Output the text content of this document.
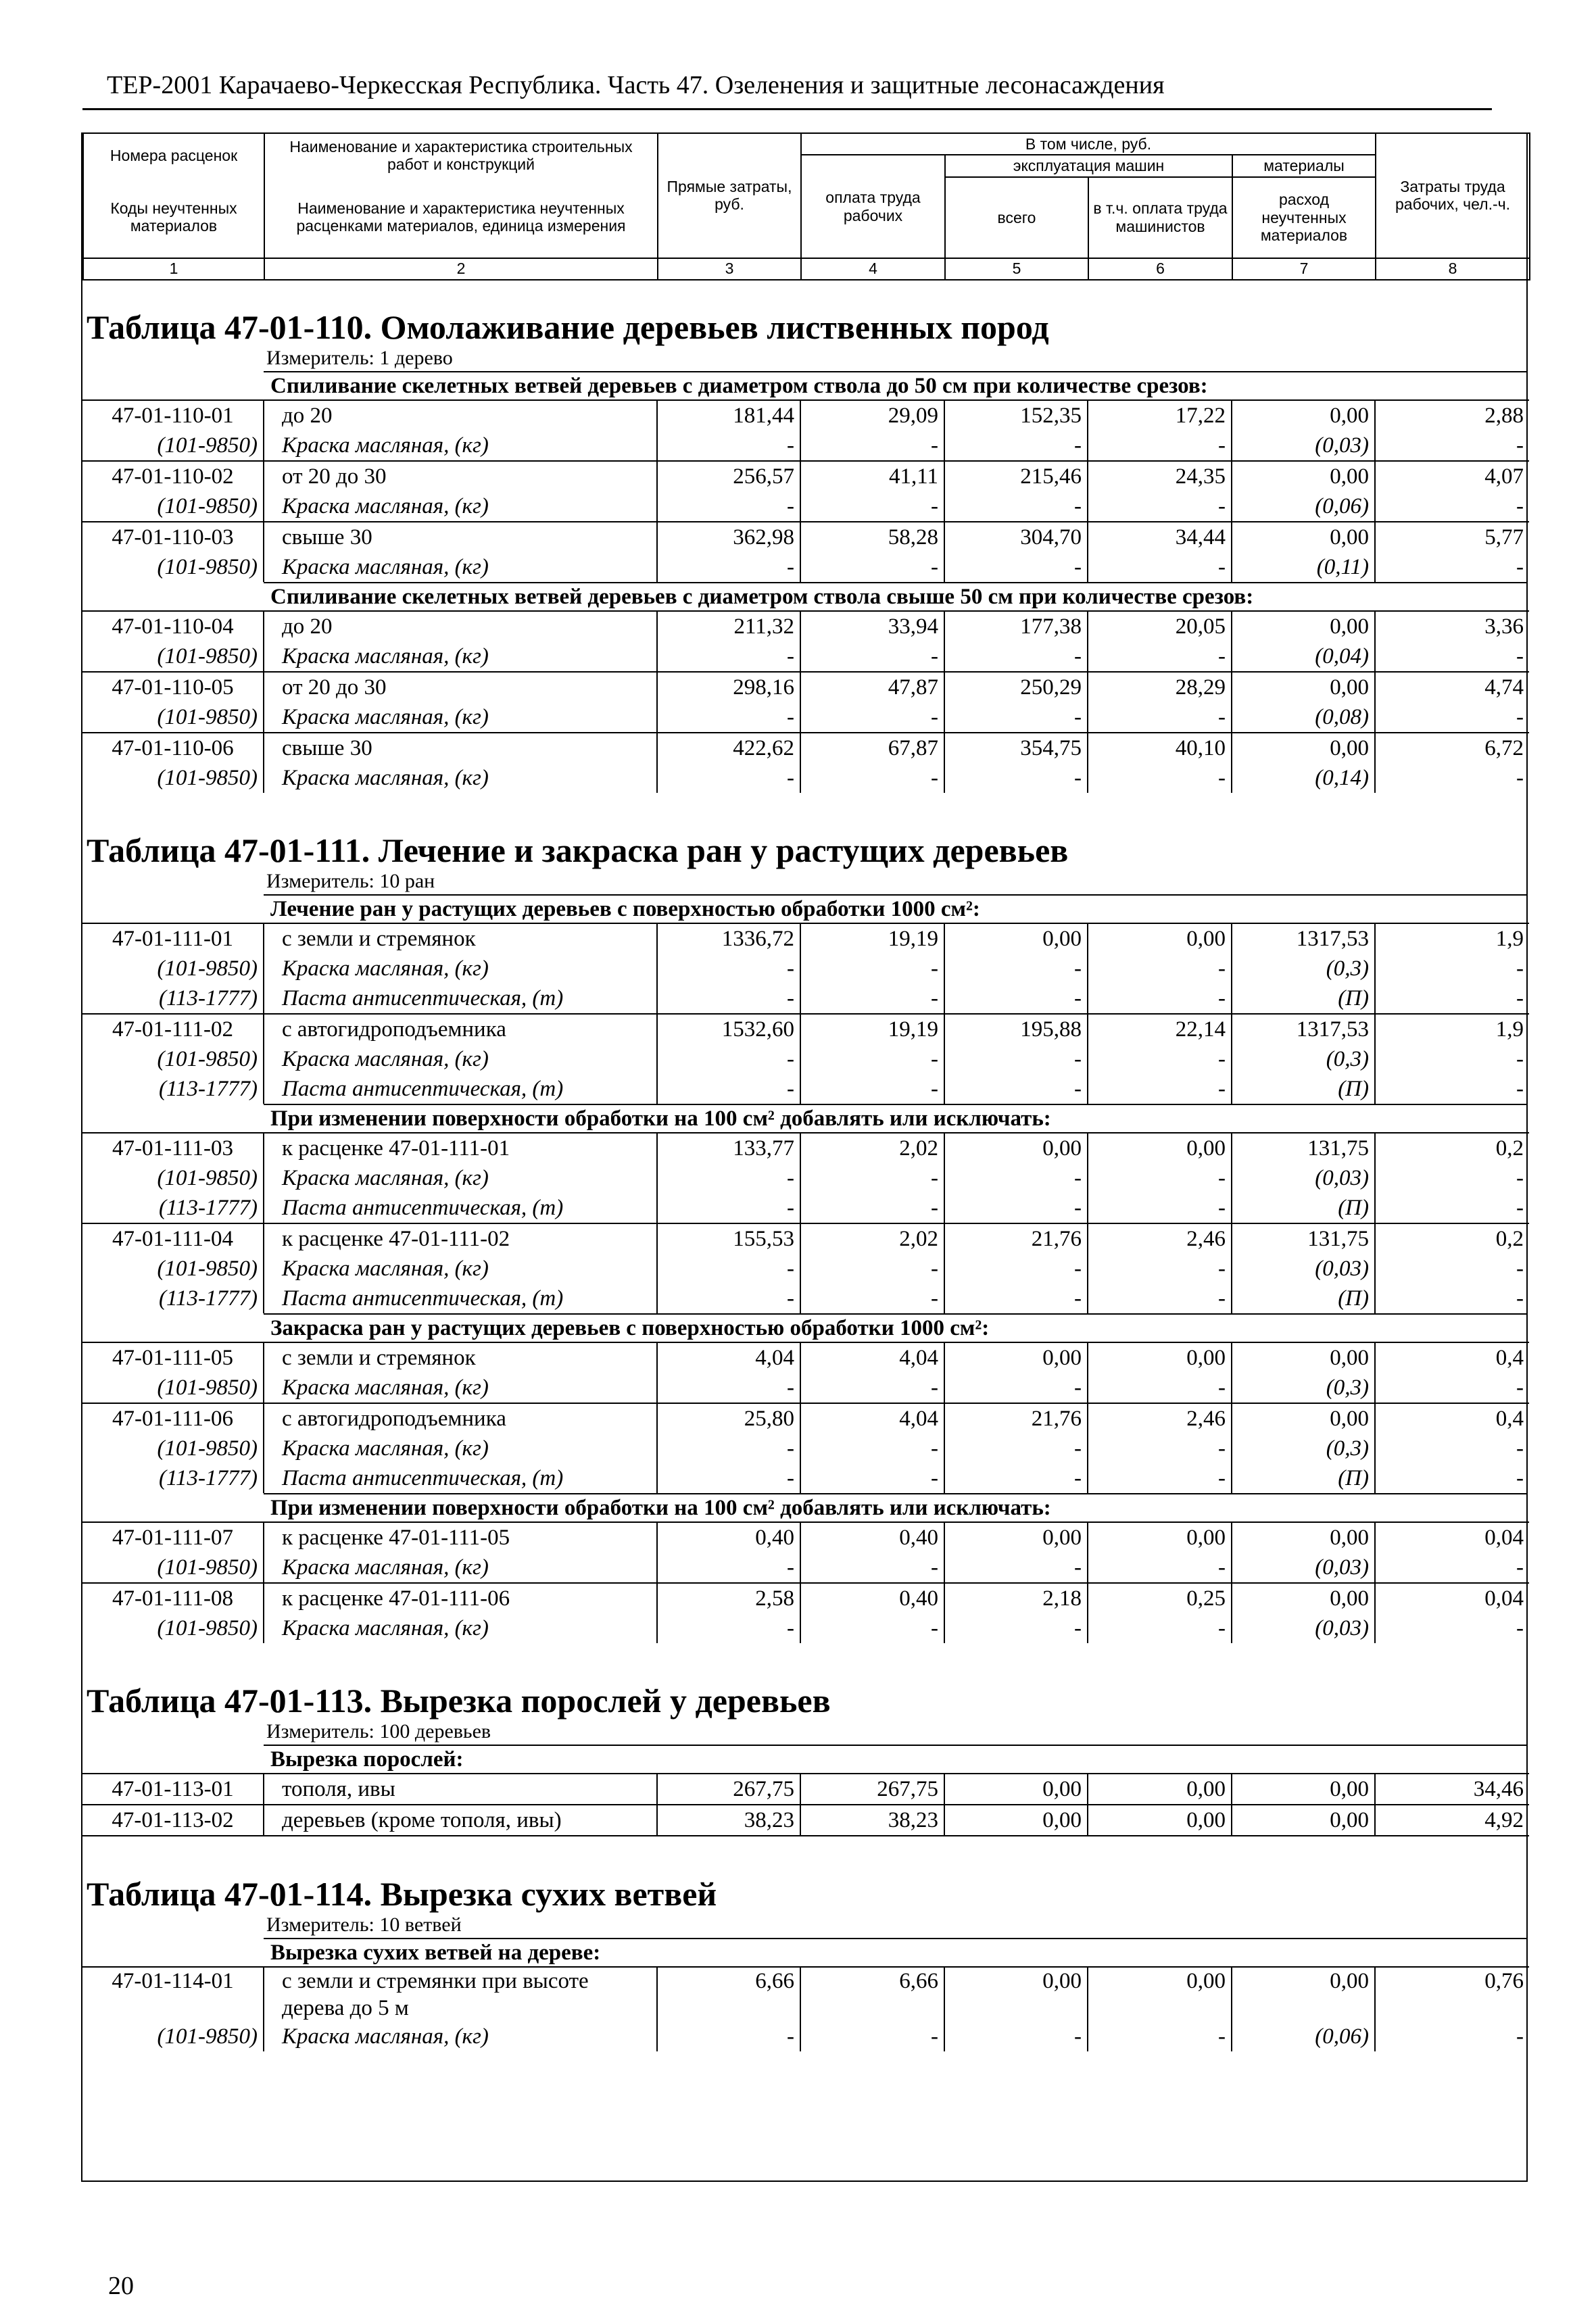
ТЕР-2001 Карачаево-Черкесская Республика. Часть 47. Озеленения и защитные лесонасаждения
Номера расценок	Наименование и характеристика строительных работ и конструкций	Прямые затраты, руб.	В том числе, руб.				Затраты труда рабочих, чел.-ч.
			оплата труда рабочих	эксплуатация машин		материалы	
Коды неучтенных материалов	Наименование и характеристика неучтенных расценками материалов, единица измерения			всего	в т.ч. оплата труда машинистов	расход неучтенных материалов	

1	2	3	4	5	6	7	8
Таблица 47-01-110. Омолаживание деревьев лиственных пород
Измеритель: 1 дерево
Спиливание скелетных ветвей деревьев с диаметром ствола до 50 см при количестве срезов:
47-01-110-01	до 20	181,44	29,09	152,35	17,22	0,00	2,88
(101-9850)	Краска масляная, (кг)	-	-	-	-	(0,03)	-
47-01-110-02	от 20 до 30	256,57	41,11	215,46	24,35	0,00	4,07
(101-9850)	Краска масляная, (кг)	-	-	-	-	(0,06)	-
47-01-110-03	свыше 30	362,98	58,28	304,70	34,44	0,00	5,77
(101-9850)	Краска масляная, (кг)	-	-	-	-	(0,11)	-
Спиливание скелетных ветвей деревьев с диаметром ствола свыше 50 см при количестве срезов:
47-01-110-04	до 20	211,32	33,94	177,38	20,05	0,00	3,36
(101-9850)	Краска масляная, (кг)	-	-	-	-	(0,04)	-
47-01-110-05	от 20 до 30	298,16	47,87	250,29	28,29	0,00	4,74
(101-9850)	Краска масляная, (кг)	-	-	-	-	(0,08)	-
47-01-110-06	свыше 30	422,62	67,87	354,75	40,10	0,00	6,72
(101-9850)	Краска масляная, (кг)	-	-	-	-	(0,14)	-
Таблица 47-01-111. Лечение и закраска ран у растущих деревьев
Измеритель: 10 ран
Лечение ран у растущих деревьев с поверхностью обработки 1000 см²:
47-01-111-01	с земли и стремянок	1336,72	19,19	0,00	0,00	1317,53	1,9
(101-9850)	Краска масляная, (кг)	-	-	-	-	(0,3)	-
(113-1777)	Паста антисептическая, (т)	-	-	-	-	(П)	-
47-01-111-02	с автогидроподъемника	1532,60	19,19	195,88	22,14	1317,53	1,9
(101-9850)	Краска масляная, (кг)	-	-	-	-	(0,3)	-
(113-1777)	Паста антисептическая, (т)	-	-	-	-	(П)	-
При изменении поверхности обработки на 100 см² добавлять или исключать:
47-01-111-03	к расценке 47-01-111-01	133,77	2,02	0,00	0,00	131,75	0,2
(101-9850)	Краска масляная, (кг)	-	-	-	-	(0,03)	-
(113-1777)	Паста антисептическая, (т)	-	-	-	-	(П)	-
47-01-111-04	к расценке 47-01-111-02	155,53	2,02	21,76	2,46	131,75	0,2
(101-9850)	Краска масляная, (кг)	-	-	-	-	(0,03)	-
(113-1777)	Паста антисептическая, (т)	-	-	-	-	(П)	-
Закраска ран у растущих деревьев с поверхностью обработки 1000 см²:
47-01-111-05	с земли и стремянок	4,04	4,04	0,00	0,00	0,00	0,4
(101-9850)	Краска масляная, (кг)	-	-	-	-	(0,3)	-
47-01-111-06	с автогидроподъемника	25,80	4,04	21,76	2,46	0,00	0,4
(101-9850)	Краска масляная, (кг)	-	-	-	-	(0,3)	-
(113-1777)	Паста антисептическая, (т)	-	-	-	-	(П)	-
При изменении поверхности обработки на 100 см² добавлять или исключать:
47-01-111-07	к расценке 47-01-111-05	0,40	0,40	0,00	0,00	0,00	0,04
(101-9850)	Краска масляная, (кг)	-	-	-	-	(0,03)	-
47-01-111-08	к расценке 47-01-111-06	2,58	0,40	2,18	0,25	0,00	0,04
(101-9850)	Краска масляная, (кг)	-	-	-	-	(0,03)	-
Таблица 47-01-113. Вырезка порослей у деревьев
Измеритель: 100 деревьев
Вырезка порослей:
47-01-113-01	тополя, ивы	267,75	267,75	0,00	0,00	0,00	34,46
47-01-113-02	деревьев (кроме тополя, ивы)	38,23	38,23	0,00	0,00	0,00	4,92
Таблица 47-01-114. Вырезка сухих ветвей
Измеритель: 10 ветвей
Вырезка сухих ветвей на дереве:
47-01-114-01	с земли и стремянки при высоте дерева до 5 м	6,66	6,66	0,00	0,00	0,00	0,76
(101-9850)	Краска масляная, (кг)	-	-	-	-	(0,06)	-
20
